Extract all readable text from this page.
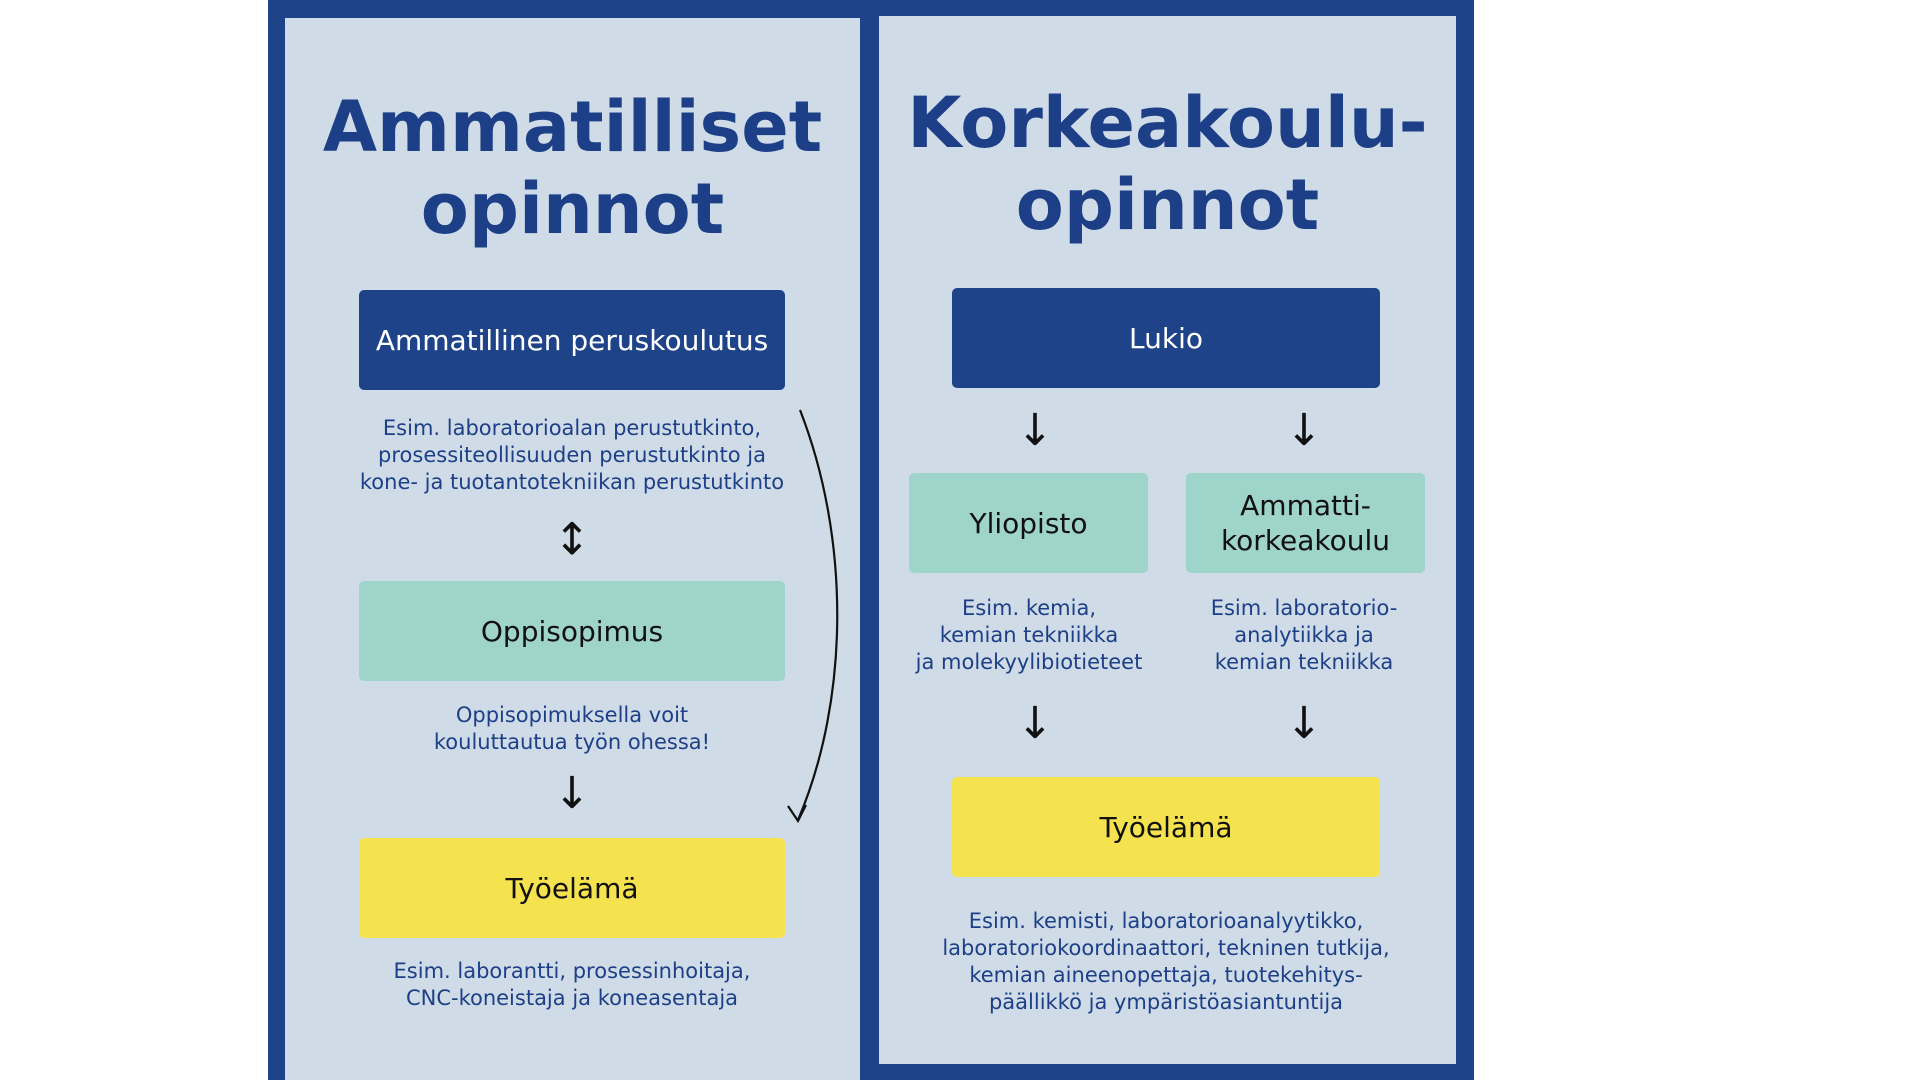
Ammatilliset
opinnot
Ammatillinen peruskoulutus
Esim. laboratorioalan perustutkinto,
prosessiteollisuuden perustutkinto ja
kone- ja tuotantotekniikan perustutkinto
↕
Oppisopimus
Oppisopimuksella voit
kouluttautua työn ohessa!
↓
Työelämä
Esim. laborantti, prosessinhoitaja,
CNC-koneistaja ja koneasentaja
Korkeakoulu-
opinnot
Lukio
↓	↓
Yliopisto
Ammatti-
korkeakoulu
Esim. kemia,
kemian tekniikka
ja molekyylibiotieteet
Esim. laboratorio-
analytiikka ja
kemian tekniikka
↓	↓
Työelämä
Esim. kemisti, laboratorioanalyytikko,
laboratoriokoordinaattori, tekninen tutkija,
kemian aineenopettaja, tuotekehitys-
päällikkö ja ympäristöasiantuntija
